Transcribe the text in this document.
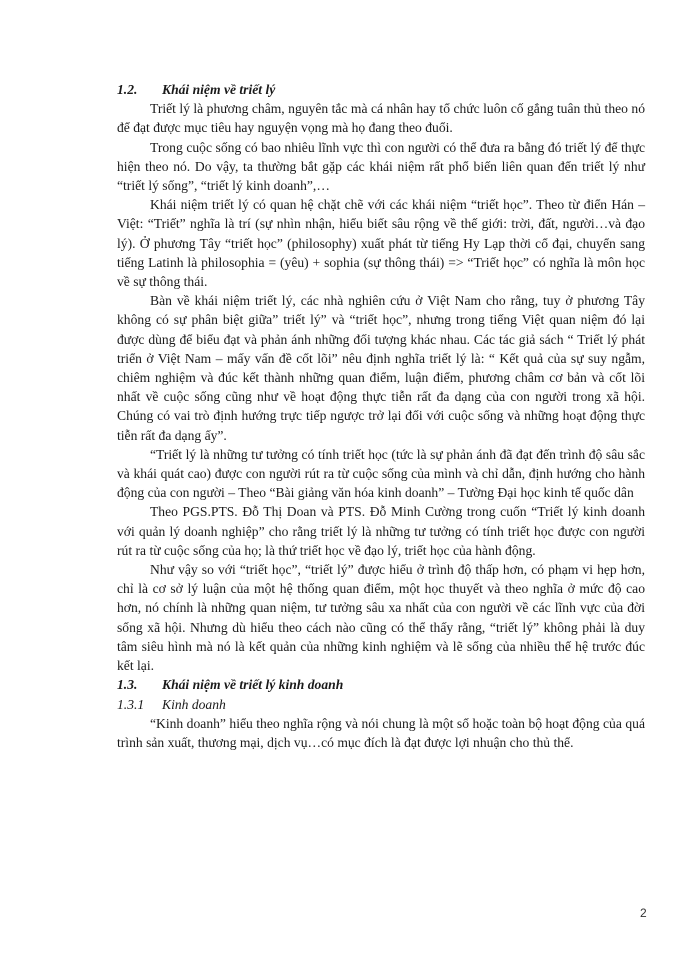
1.2.	Khái niệm về triết lý

Triết lý là phương châm, nguyên tắc mà cá nhân hay tổ chức luôn cố gắng tuân thủ theo nó để đạt được mục tiêu hay nguyện vọng mà họ đang theo đuổi.

Trong cuộc sống có bao nhiêu lĩnh vực thì con người có thể đưa ra bằng đó triết lý để thực hiện theo nó. Do vậy, ta thường bắt gặp các khái niệm rất phổ biến liên quan đến triết lý như “triết lý sống”, “triết lý kinh doanh”,…

Khái niệm triết lý có quan hệ chặt chẽ với các khái niệm “triết học”. Theo từ điển Hán – Việt: “Triết” nghĩa là trí (sự nhìn nhận, hiểu biết sâu rộng về thế giới: trời, đất, người…và đạo lý). Ở phương Tây “triết học” (philosophy) xuất phát từ tiếng Hy Lạp thời cổ đại, chuyển sang tiếng Latinh là philosophia = (yêu) + sophia (sự thông thái) => “Triết học” có nghĩa là môn học về sự thông thái.

Bàn về khái niệm triết lý, các nhà nghiên cứu ở Việt Nam cho rằng, tuy ở phương Tây không có sự phân biệt giữa” triết lý” và “triết học”, nhưng trong tiếng Việt quan niệm đó lại được dùng để biểu đạt và phản ánh những đối tượng khác nhau. Các tác giả sách “ Triết lý phát triển ở Việt Nam – mấy vấn đề cốt lõi” nêu định nghĩa triết lý là: “ Kết quả của sự suy ngẫm, chiêm nghiệm và đúc kết thành những quan điểm, luận điểm, phương châm cơ bản và cốt lõi nhất về cuộc sống cũng như về hoạt động thực tiễn rất đa dạng của con người trong xã hội. Chúng có vai trò định hướng trực tiếp ngược trở lại đối với cuộc sống và những hoạt động thực tiễn rất đa dạng ấy”.

“Triết lý là những tư tưởng có tính triết học (tức là sự phản ánh đã đạt đến trình độ sâu sắc và khái quát cao) được con người rút ra từ cuộc sống của mình và chỉ dẫn, định hướng cho hành động của con người – Theo “Bài giảng văn hóa kinh doanh” – Tường Đại học kinh tế quốc dân

Theo PGS.PTS. Đỗ Thị Doan và PTS. Đỗ Minh Cường trong cuốn “Triết lý kinh doanh với quản lý doanh nghiệp” cho rằng triết lý là những tư tưởng có tính triết học được con người rút ra từ cuộc sống của họ; là thứ triết học về đạo lý, triết học của hành động.

Như vậy so với “triết học”, “triết lý” được hiểu ở trình độ thấp hơn, có phạm vi hẹp hơn, chỉ là cơ sở lý luận của một hệ thống quan điểm, một học thuyết và theo nghĩa ở mức độ cao hơn, nó chính là những quan niệm, tư tưởng sâu xa nhất của con người về các lĩnh vực của đời sống xã hội. Nhưng dù hiểu theo cách nào cũng có thể thấy rằng, “triết lý” không phải là duy tâm siêu hình mà nó là kết quản của những kinh nghiệm và lẽ sống của nhiều thế hệ trước đúc kết lại.

1.3.	Khái niệm về triết lý kinh doanh
1.3.1	Kinh doanh

“Kinh doanh” hiểu theo nghĩa rộng và nói chung là một số hoặc toàn bộ hoạt động của quá trình sản xuất, thương mại, dịch vụ…có mục đích là đạt được lợi nhuận cho thủ thể.

2
